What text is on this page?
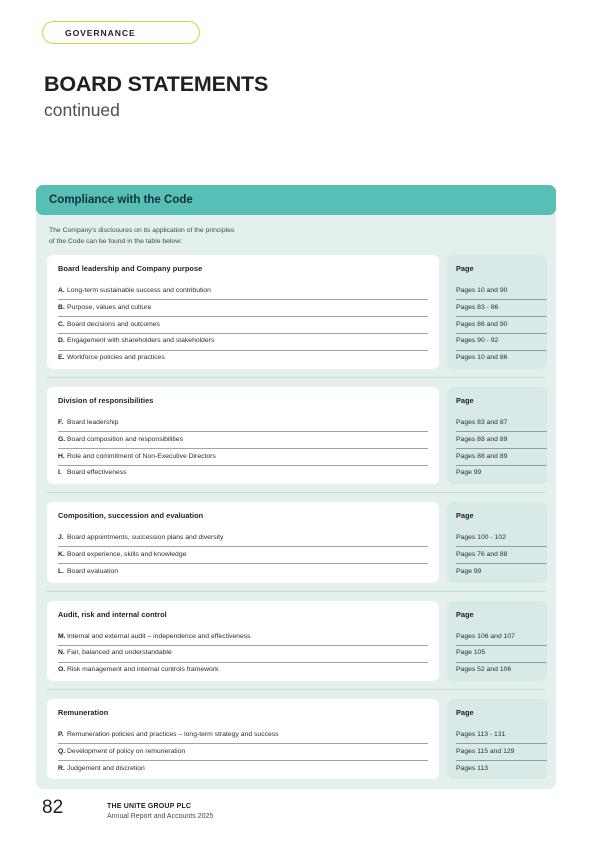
GOVERNANCE
BOARD STATEMENTS
continued
Compliance with the Code
The Company's disclosures on its application of the principles
of the Code can be found in the table below:
Board leadership and Company purpose
A. Long-term sustainable success and contribution
B. Purpose, values and culture
C. Board decisions and outcomes
D. Engagement with shareholders and stakeholders
E. Workforce policies and practices
Page
Pages 10 and 90
Pages 83 - 86
Pages 86 and 90
Pages 90 - 92
Pages 10 and 86
Division of responsibilities
F. Board leadership
G. Board composition and responsibilities
H. Role and commitment of Non-Executive Directors
I. Board effectiveness
Page
Pages 83 and 87
Pages 88 and 89
Pages 88 and 89
Page 99
Composition, succession and evaluation
J. Board appointments, succession plans and diversity
K. Board experience, skills and knowledge
L. Board evaluation
Page
Pages 100 - 102
Pages 76 and 88
Page 99
Audit, risk and internal control
M. Internal and external audit – independence and effectiveness
N. Fair, balanced and understandable
O. Risk management and internal controls framework
Page
Pages 106 and 107
Page 105
Pages 52 and 106
Remuneration
P. Remuneration policies and practices – long-term strategy and success
Q. Development of policy on remuneration
R. Judgement and discretion
Page
Pages 113 - 131
Pages 115 and 129
Pages 113
82	THE UNITE GROUP PLC
Annual Report and Accounts 2025
